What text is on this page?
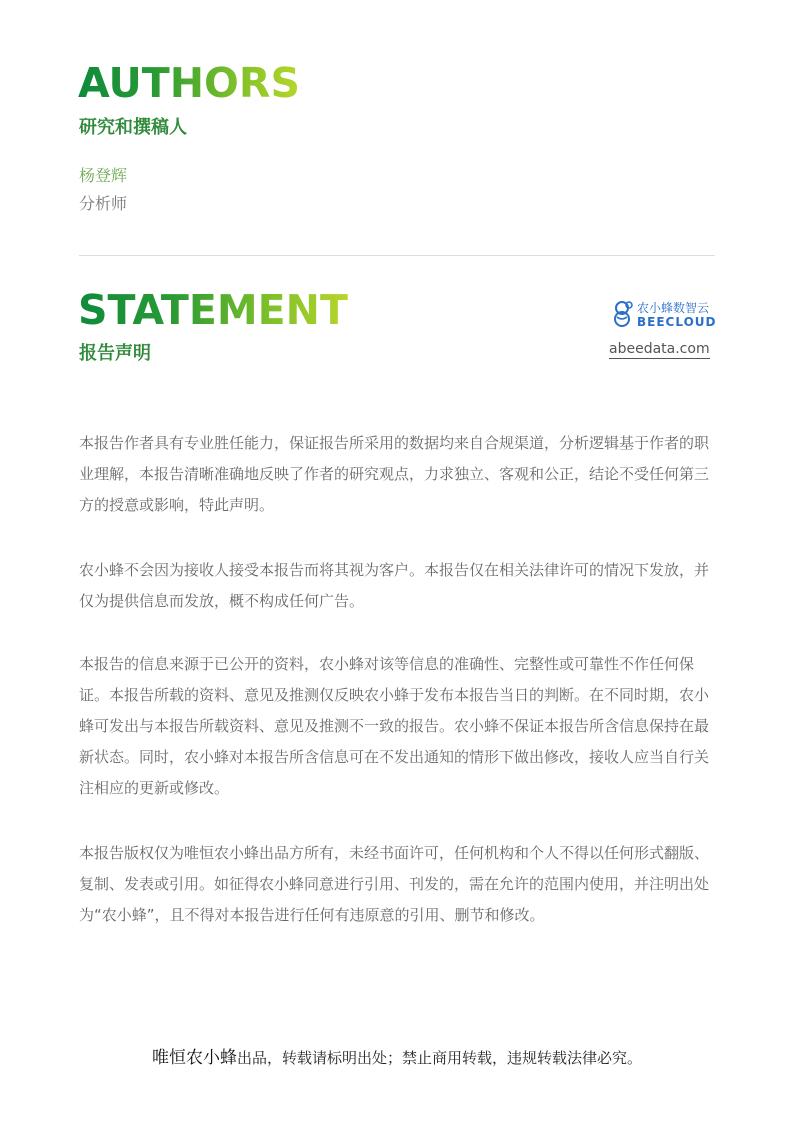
AUTHORS
研究和撰稿人
杨登辉
分析师
STATEMENT
报告声明
农小蜂数智云
BEECLOUD
abeedata.com

本报告作者具有专业胜任能力，保证报告所采用的数据均来自合规渠道，分析逻辑基于作者的职业理解，本报告清晰准确地反映了作者的研究观点，力求独立、客观和公正，结论不受任何第三方的授意或影响，特此声明。

农小蜂不会因为接收人接受本报告而将其视为客户。本报告仅在相关法律许可的情况下发放，并仅为提供信息而发放，概不构成任何广告。

本报告的信息来源于已公开的资料，农小蜂对该等信息的准确性、完整性或可靠性不作任何保证。本报告所载的资料、意见及推测仅反映农小蜂于发布本报告当日的判断。在不同时期，农小蜂可发出与本报告所载资料、意见及推测不一致的报告。农小蜂不保证本报告所含信息保持在最新状态。同时，农小蜂对本报告所含信息可在不发出通知的情形下做出修改，接收人应当自行关注相应的更新或修改。

本报告版权仅为唯恒农小蜂出品方所有，未经书面许可，任何机构和个人不得以任何形式翻版、复制、发表或引用。如征得农小蜂同意进行引用、刊发的，需在允许的范围内使用，并注明出处为“农小蜂”，且不得对本报告进行任何有违原意的引用、删节和修改。

唯恒农小蜂出品，转载请标明出处；禁止商用转载，违规转载法律必究。
